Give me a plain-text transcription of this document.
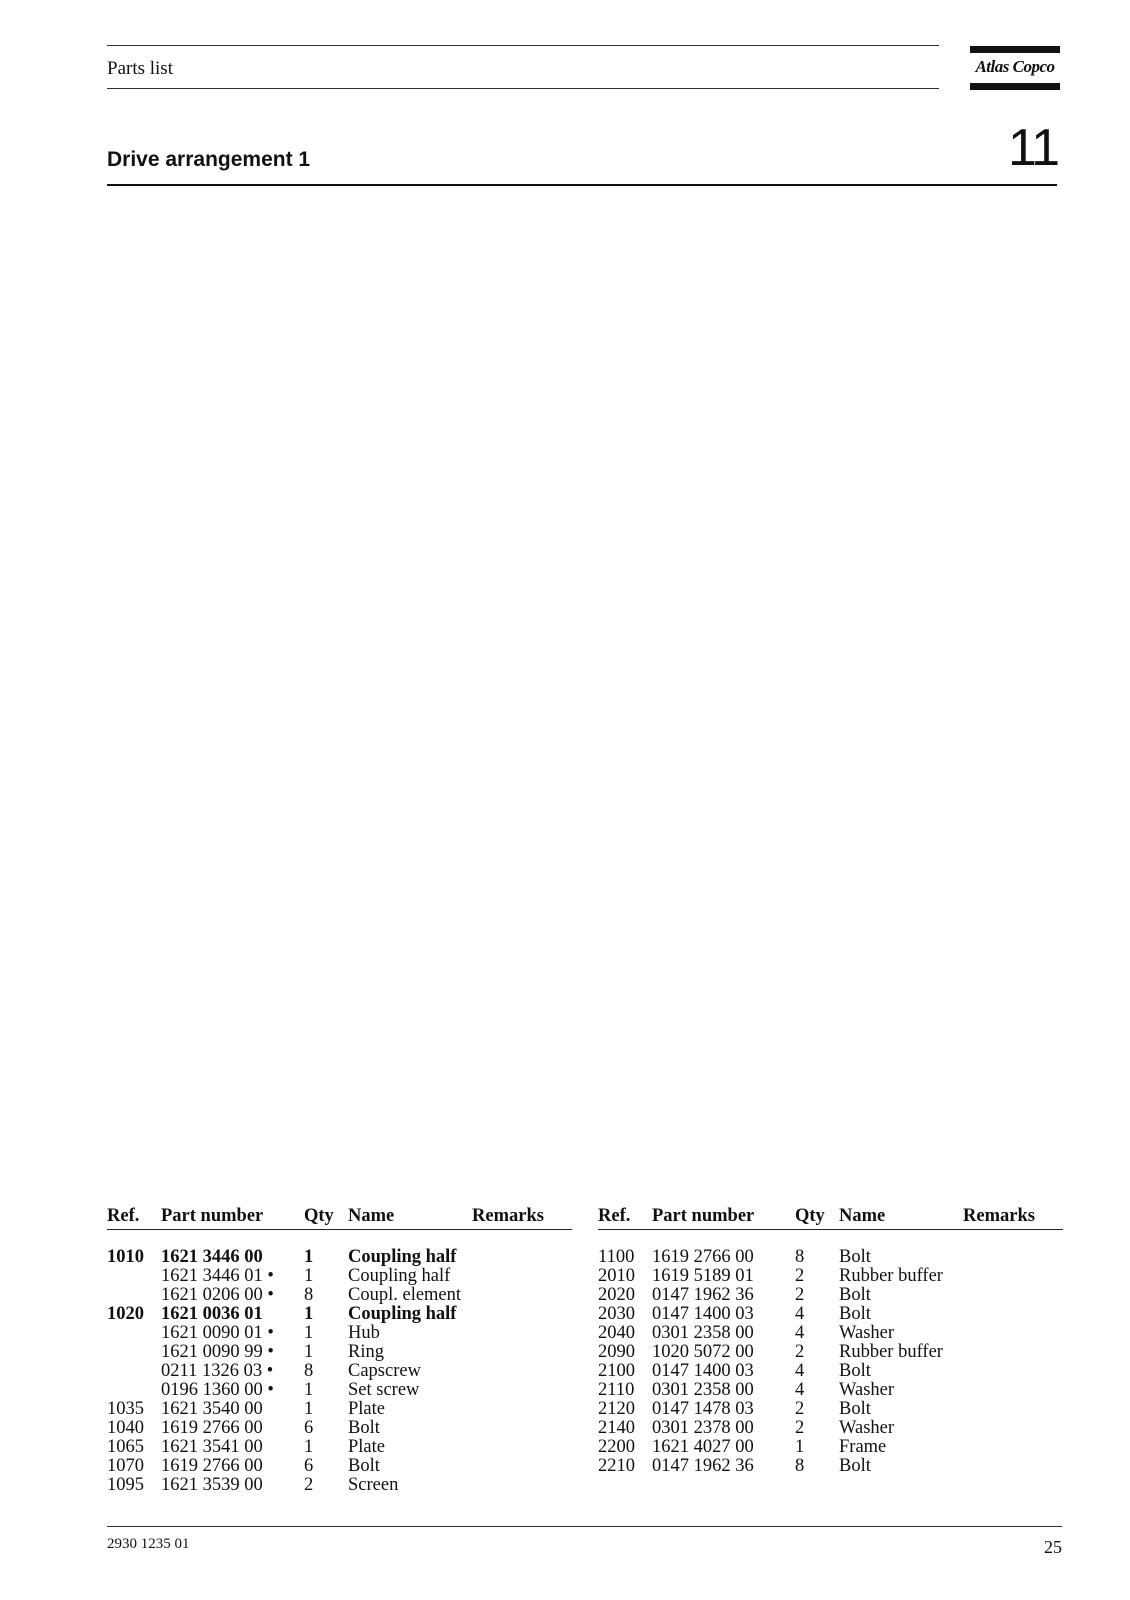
Parts list	Atlas Copco
Drive arrangement 1	11
Ref.	Part number	Qty	Name	Remarks

1010	1621 3446 00	1	Coupling half	
	1621 3446 01 •	1	Coupling half	
	1621 0206 00 •	8	Coupl. element	
1020	1621 0036 01	1	Coupling half	
	1621 0090 01 •	1	Hub	
	1621 0090 99 •	1	Ring	
	0211 1326 03 •	8	Capscrew	
	0196 1360 00 •	1	Set screw	
1035	1621 3540 00	1	Plate	
1040	1619 2766 00	6	Bolt	
1065	1621 3541 00	1	Plate	
1070	1619 2766 00	6	Bolt	
1095	1621 3539 00	2	Screen	
Ref.	Part number	Qty	Name	Remarks

1100	1619 2766 00	8	Bolt	
2010	1619 5189 01	2	Rubber buffer	
2020	0147 1962 36	2	Bolt	
2030	0147 1400 03	4	Bolt	
2040	0301 2358 00	4	Washer	
2090	1020 5072 00	2	Rubber buffer	
2100	0147 1400 03	4	Bolt	
2110	0301 2358 00	4	Washer	
2120	0147 1478 03	2	Bolt	
2140	0301 2378 00	2	Washer	
2200	1621 4027 00	1	Frame	
2210	0147 1962 36	8	Bolt	
2930 1235 01	25
